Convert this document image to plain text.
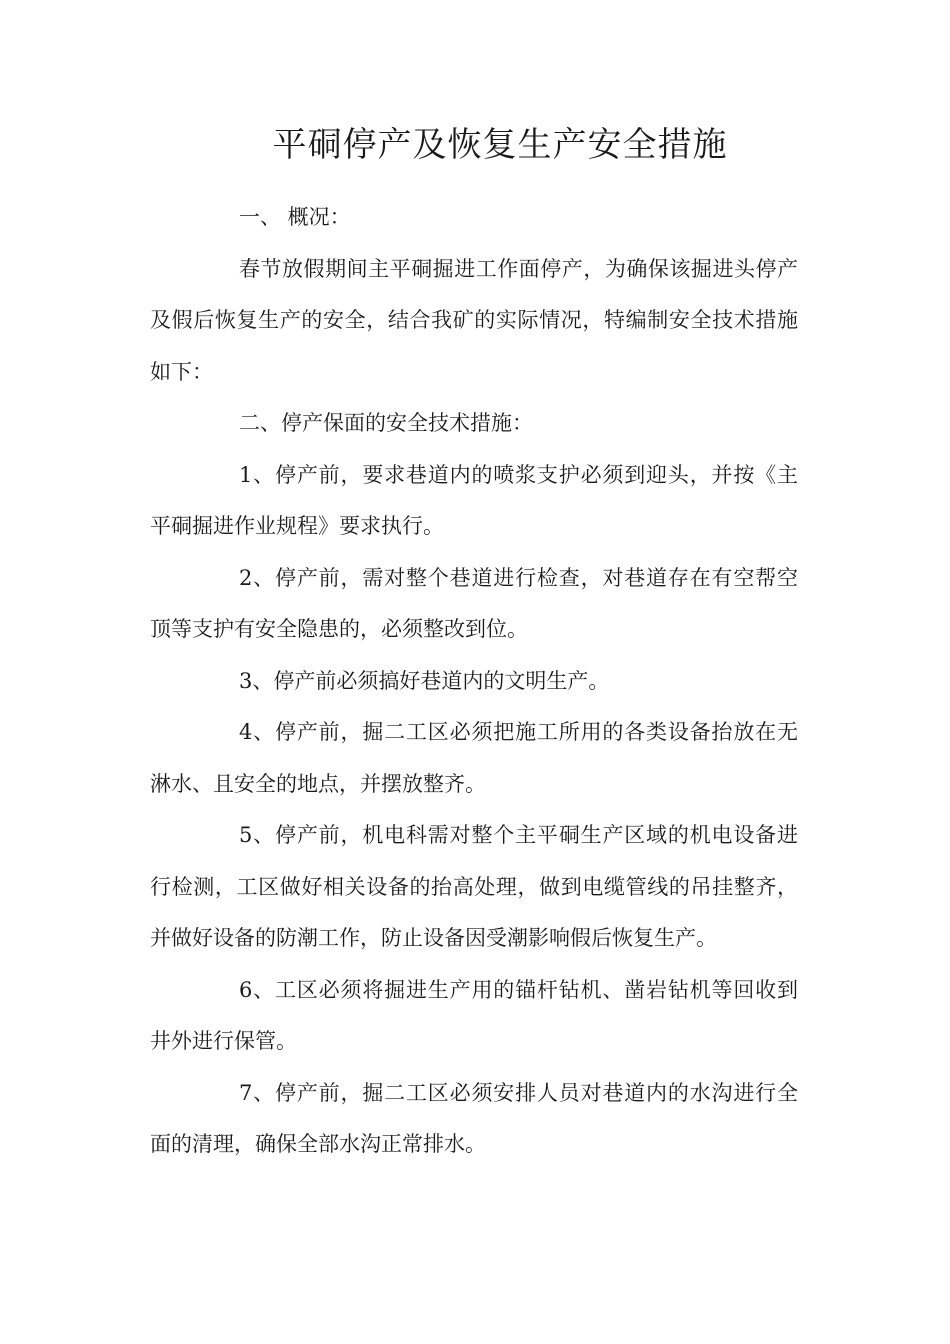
平硐停产及恢复生产安全措施

一、 概况：

春节放假期间主平硐掘进工作面停产，为确保该掘进头停产及假后恢复生产的安全，结合我矿的实际情况，特编制安全技术措施如下：

二、停产保面的安全技术措施：

1、停产前，要求巷道内的喷浆支护必须到迎头，并按《主平硐掘进作业规程》要求执行。

2、停产前，需对整个巷道进行检查，对巷道存在有空帮空顶等支护有安全隐患的，必须整改到位。

3、停产前必须搞好巷道内的文明生产。

4、停产前，掘二工区必须把施工所用的各类设备抬放在无淋水、且安全的地点，并摆放整齐。

5、停产前，机电科需对整个主平硐生产区域的机电设备进行检测，工区做好相关设备的抬高处理，做到电缆管线的吊挂整齐，并做好设备的防潮工作，防止设备因受潮影响假后恢复生产。

6、工区必须将掘进生产用的锚杆钻机、凿岩钻机等回收到井外进行保管。

7、停产前，掘二工区必须安排人员对巷道内的水沟进行全面的清理，确保全部水沟正常排水。
